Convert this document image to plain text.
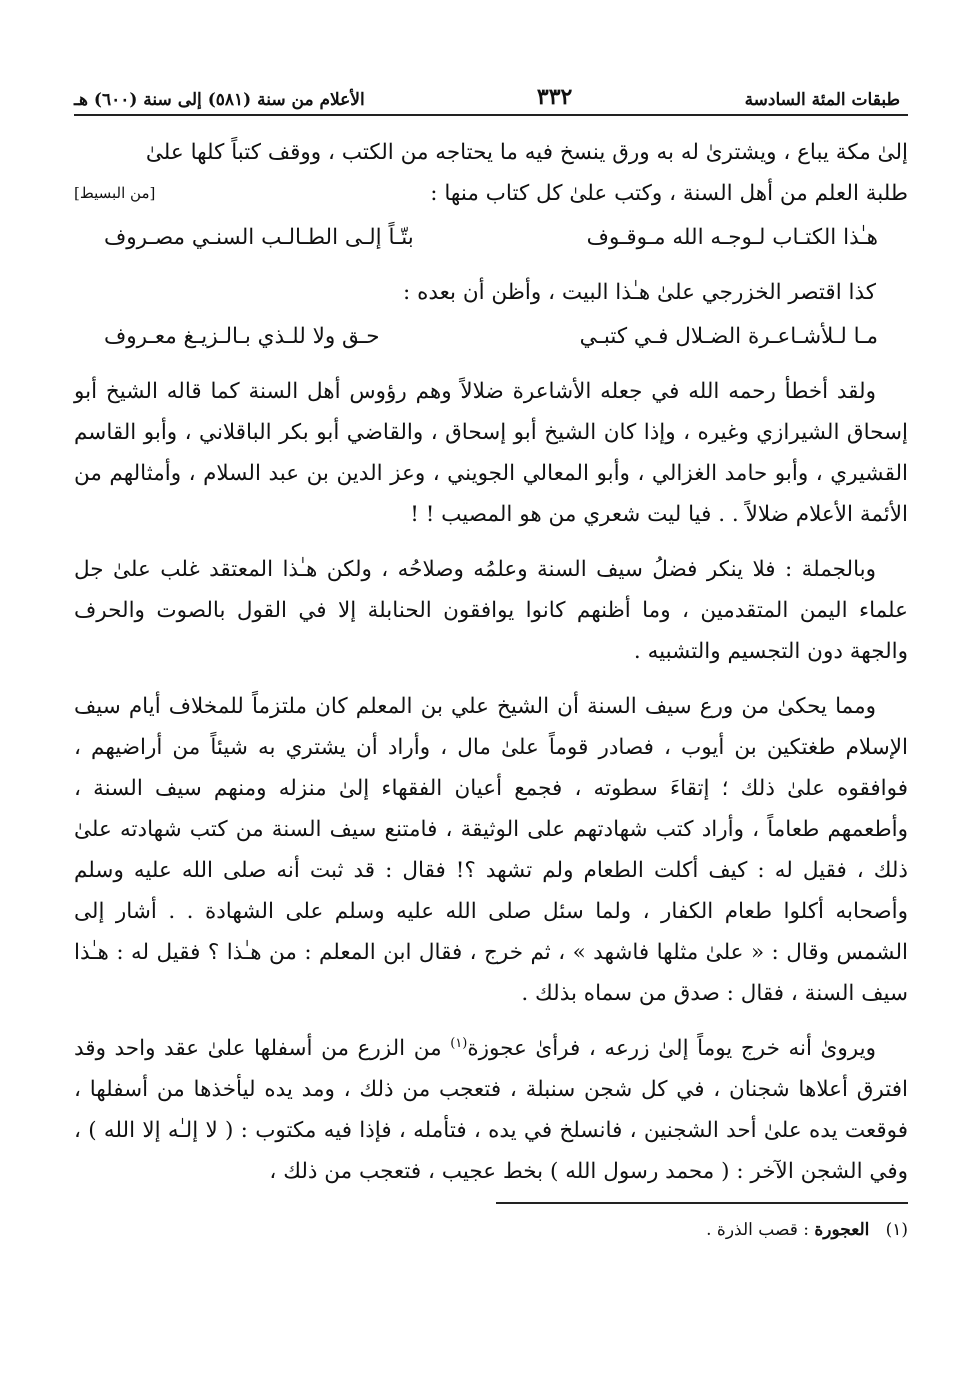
طبقات المئة السادسة
٣٣٢
الأعلام من سنة (٥٨١) إلى سنة (٦٠٠) هـ

إلىٰ مكة يباع ، ويشترىٰ له به ورق ينسخ فيه ما يحتاجه من الكتب ، ووقف كتباً كلها علىٰ

[من البسيط]	طلبة العلم من أهل السنة ، وكتب علىٰ كل كتاب منها :

هـٰذا الكتـاب لـوجـه الله مـوقـوف
بتّـاً إلـى الطـالـب السنـي مصـروف

كذا اقتصر الخزرجي علىٰ هـٰذا البيت ، وأظن أن بعده :

مـا لـلأشـاعـرة الضـلال فـي كتبـي
حـق ولا للـذي بـالـزيـغ معـروف

ولقد أخطأ رحمه الله في جعله الأشاعرة ضلالاً وهم رؤوس أهل السنة كما قاله الشيخ أبو إسحاق الشيرازي وغيره ، وإذا كان الشيخ أبو إسحاق ، والقاضي أبو بكر الباقلاني ، وأبو القاسم القشيري ، وأبو حامد الغزالي ، وأبو المعالي الجويني ، وعز الدين بن عبد السلام ، وأمثالهم من الأئمة الأعلام ضلالاً . . فيا ليت شعري من هو المصيب ! !

وبالجملة : فلا ينكر فضلُ سيف السنة وعلمُه وصلاحُه ، ولكن هـٰذا المعتقد غلب علىٰ جل علماء اليمن المتقدمين ، وما أظنهم كانوا يوافقون الحنابلة إلا في القول بالصوت والحرف والجهة دون التجسيم والتشبيه .

ومما يحكىٰ من ورع سيف السنة أن الشيخ علي بن المعلم كان ملتزماً للمخلاف أيام سيف الإسلام طغتكين بن أيوب ، فصادر قوماً علىٰ مال ، وأراد أن يشتري به شيئاً من أراضيهم ، فوافقوه علىٰ ذلك ؛ إتقاءَ سطوته ، فجمع أعيان الفقهاء إلىٰ منزله ومنهم سيف السنة ، وأطعمهم طعاماً ، وأراد كتب شهادتهم على الوثيقة ، فامتنع سيف السنة من كتب شهادته علىٰ ذلك ، فقيل له : كيف أكلت الطعام ولم تشهد ؟! فقال : قد ثبت أنه صلى الله عليه وسلم وأصحابه أكلوا طعام الكفار ، ولما سئل صلى الله عليه وسلم على الشهادة . . أشار إلى الشمس وقال : « علىٰ مثلها فاشهد » ، ثم خرج ، فقال ابن المعلم : من هـٰذا ؟ فقيل له : هـٰذا سيف السنة ، فقال : صدق من سماه بذلك .

ويروىٰ أنه خرج يوماً إلىٰ زرعه ، فرأىٰ عجوزة$^{(١)}$ من الزرع من أسفلها علىٰ عقد واحد وقد افترق أعلاها شجنان ، في كل شجن سنبلة ، فتعجب من ذلك ، ومد يده ليأخذها من أسفلها ، فوقعت يده علىٰ أحد الشجنين ، فانسلخ في يده ، فتأمله ، فإذا فيه مكتوب : ( لا إلـٰه إلا الله ) ، وفي الشجن الآخر : ( محمد رسول الله ) بخط عجيب ، فتعجب من ذلك ،

(١)   العجورة : قصب الذرة .
